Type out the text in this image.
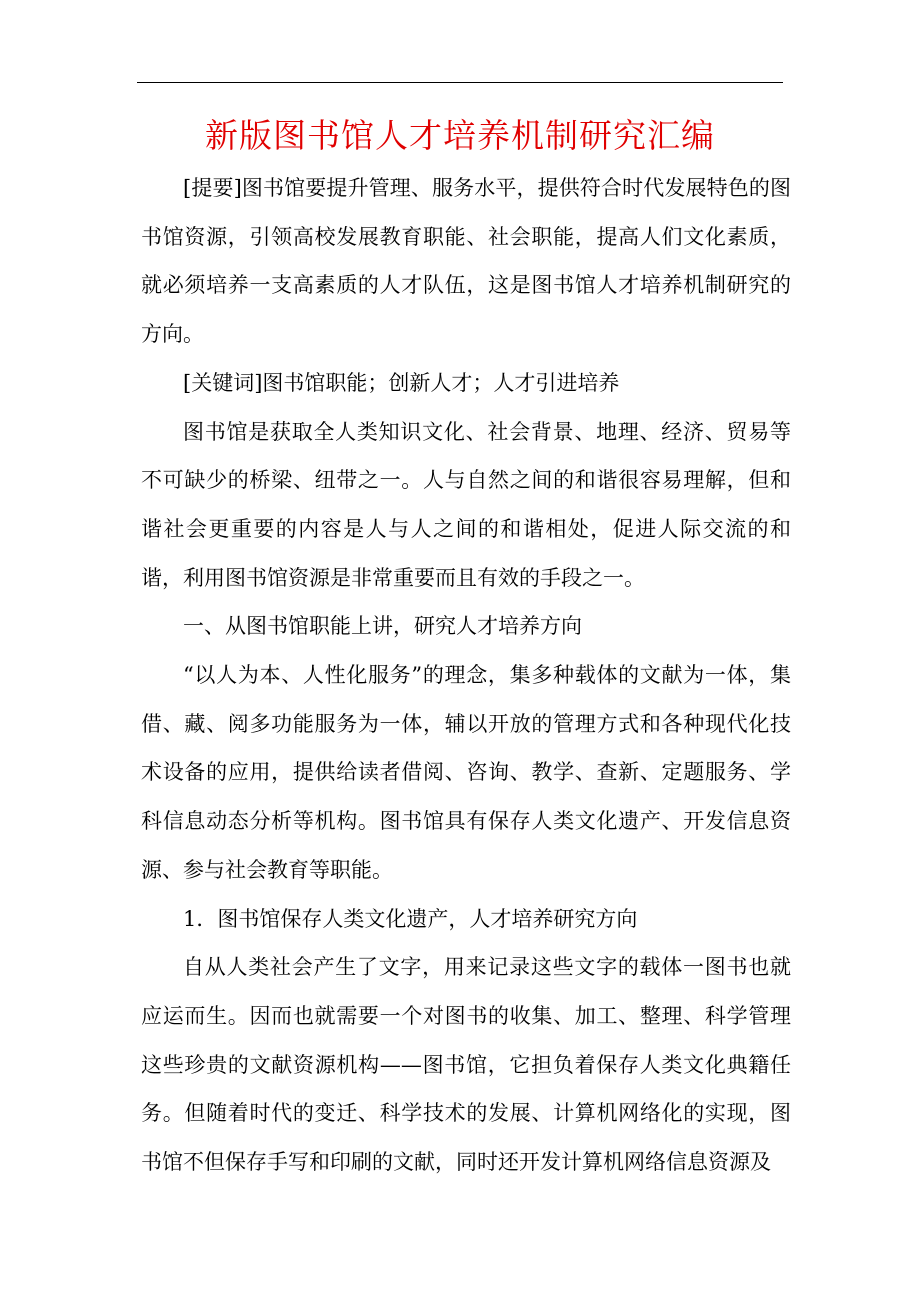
新版图书馆人才培养机制研究汇编

[提要]图书馆要提升管理、服务水平，提供符合时代发展特色的图书馆资源，引领高校发展教育职能、社会职能，提高人们文化素质，就必须培养一支高素质的人才队伍，这是图书馆人才培养机制研究的方向。

[关键词]图书馆职能；创新人才；人才引进培养

图书馆是获取全人类知识文化、社会背景、地理、经济、贸易等不可缺少的桥梁、纽带之一。人与自然之间的和谐很容易理解，但和谐社会更重要的内容是人与人之间的和谐相处，促进人际交流的和谐，利用图书馆资源是非常重要而且有效的手段之一。

一、从图书馆职能上讲，研究人才培养方向

“以人为本、人性化服务”的理念，集多种载体的文献为一体，集借、藏、阅多功能服务为一体，辅以开放的管理方式和各种现代化技术设备的应用，提供给读者借阅、咨询、教学、查新、定题服务、学科信息动态分析等机构。图书馆具有保存人类文化遗产、开发信息资源、参与社会教育等职能。

1．图书馆保存人类文化遗产，人才培养研究方向

自从人类社会产生了文字，用来记录这些文字的载体一图书也就应运而生。因而也就需要一个对图书的收集、加工、整理、科学管理这些珍贵的文献资源机构——图书馆，它担负着保存人类文化典籍任务。但随着时代的变迁、科学技术的发展、计算机网络化的实现，图书馆不但保存手写和印刷的文献，同时还开发计算机网络信息资源及
